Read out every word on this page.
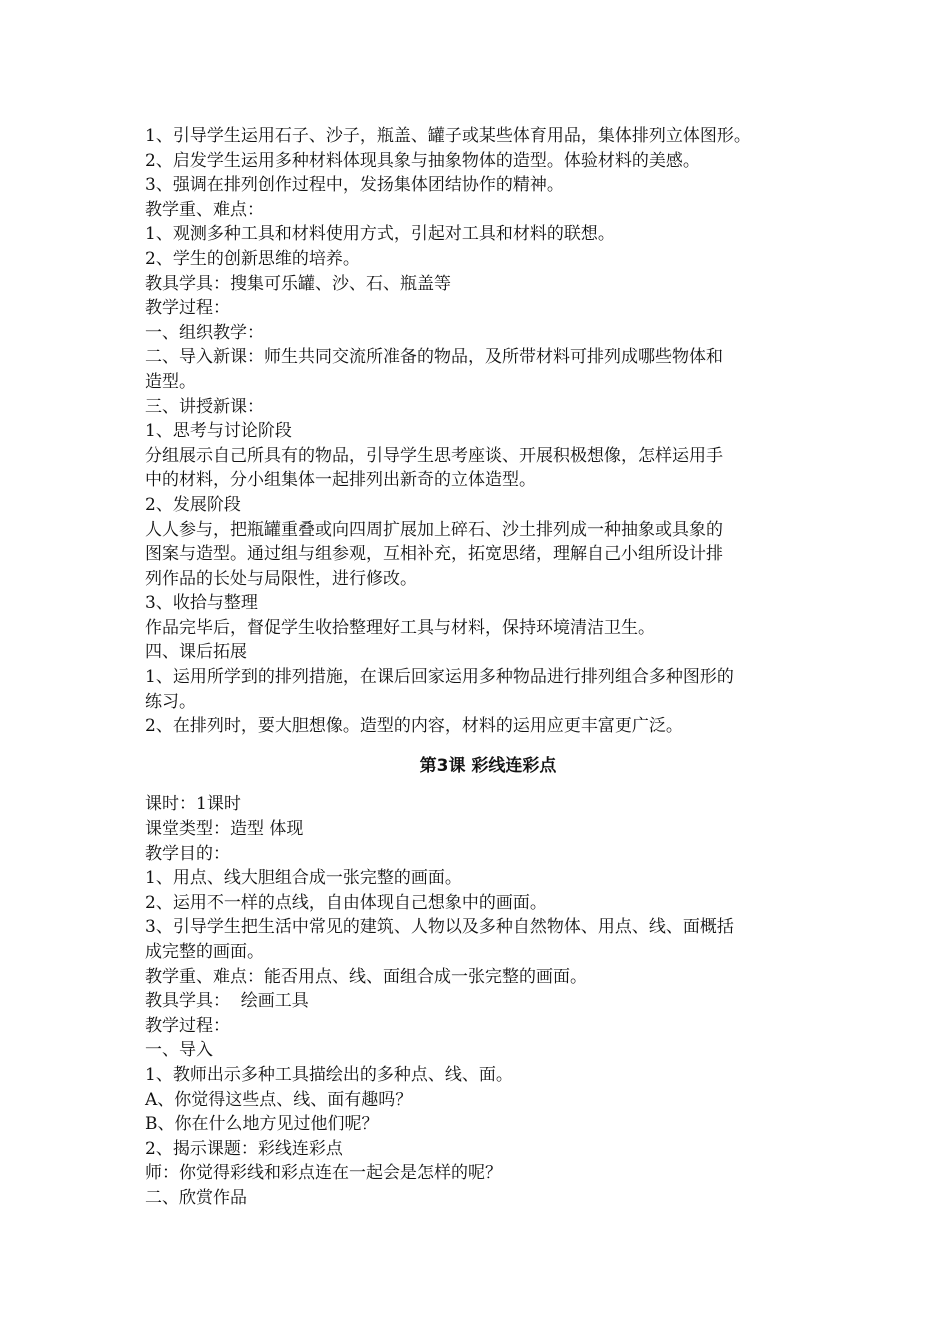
1、引导学生运用石子、沙子，瓶盖、罐子或某些体育用品，集体排列立体图形。
2、启发学生运用多种材料体现具象与抽象物体的造型。体验材料的美感。
3、强调在排列创作过程中，发扬集体团结协作的精神。
教学重、难点：
1、观测多种工具和材料使用方式，引起对工具和材料的联想。
2、学生的创新思维的培养。
教具学具：搜集可乐罐、沙、石、瓶盖等
教学过程：
一、组织教学：
二、导入新课：师生共同交流所准备的物品，及所带材料可排列成哪些物体和
造型。
三、讲授新课：
1、思考与讨论阶段
分组展示自己所具有的物品，引导学生思考座谈、开展积极想像，怎样运用手
中的材料，分小组集体一起排列出新奇的立体造型。
2、发展阶段
人人参与，把瓶罐重叠或向四周扩展加上碎石、沙土排列成一种抽象或具象的
图案与造型。通过组与组参观，互相补充，拓宽思绪，理解自己小组所设计排
列作品的长处与局限性，进行修改。
3、收拾与整理
作品完毕后，督促学生收拾整理好工具与材料，保持环境清洁卫生。
四、课后拓展
1、运用所学到的排列措施，在课后回家运用多种物品进行排列组合多种图形的
练习。
2、在排列时，要大胆想像。造型的内容，材料的运用应更丰富更广泛。
第3课 彩线连彩点
课时：1课时
课堂类型：造型 体现
教学目的：
1、用点、线大胆组合成一张完整的画面。
2、运用不一样的点线，自由体现自己想象中的画面。
3、引导学生把生活中常见的建筑、人物以及多种自然物体、用点、线、面概括
成完整的画面。
教学重、难点：能否用点、线、面组合成一张完整的画面。
教具学具：  绘画工具
教学过程：
一、导入
1、教师出示多种工具描绘出的多种点、线、面。
A、你觉得这些点、线、面有趣吗？
B、你在什么地方见过他们呢？
2、揭示课题：彩线连彩点
师：你觉得彩线和彩点连在一起会是怎样的呢？
二、欣赏作品
